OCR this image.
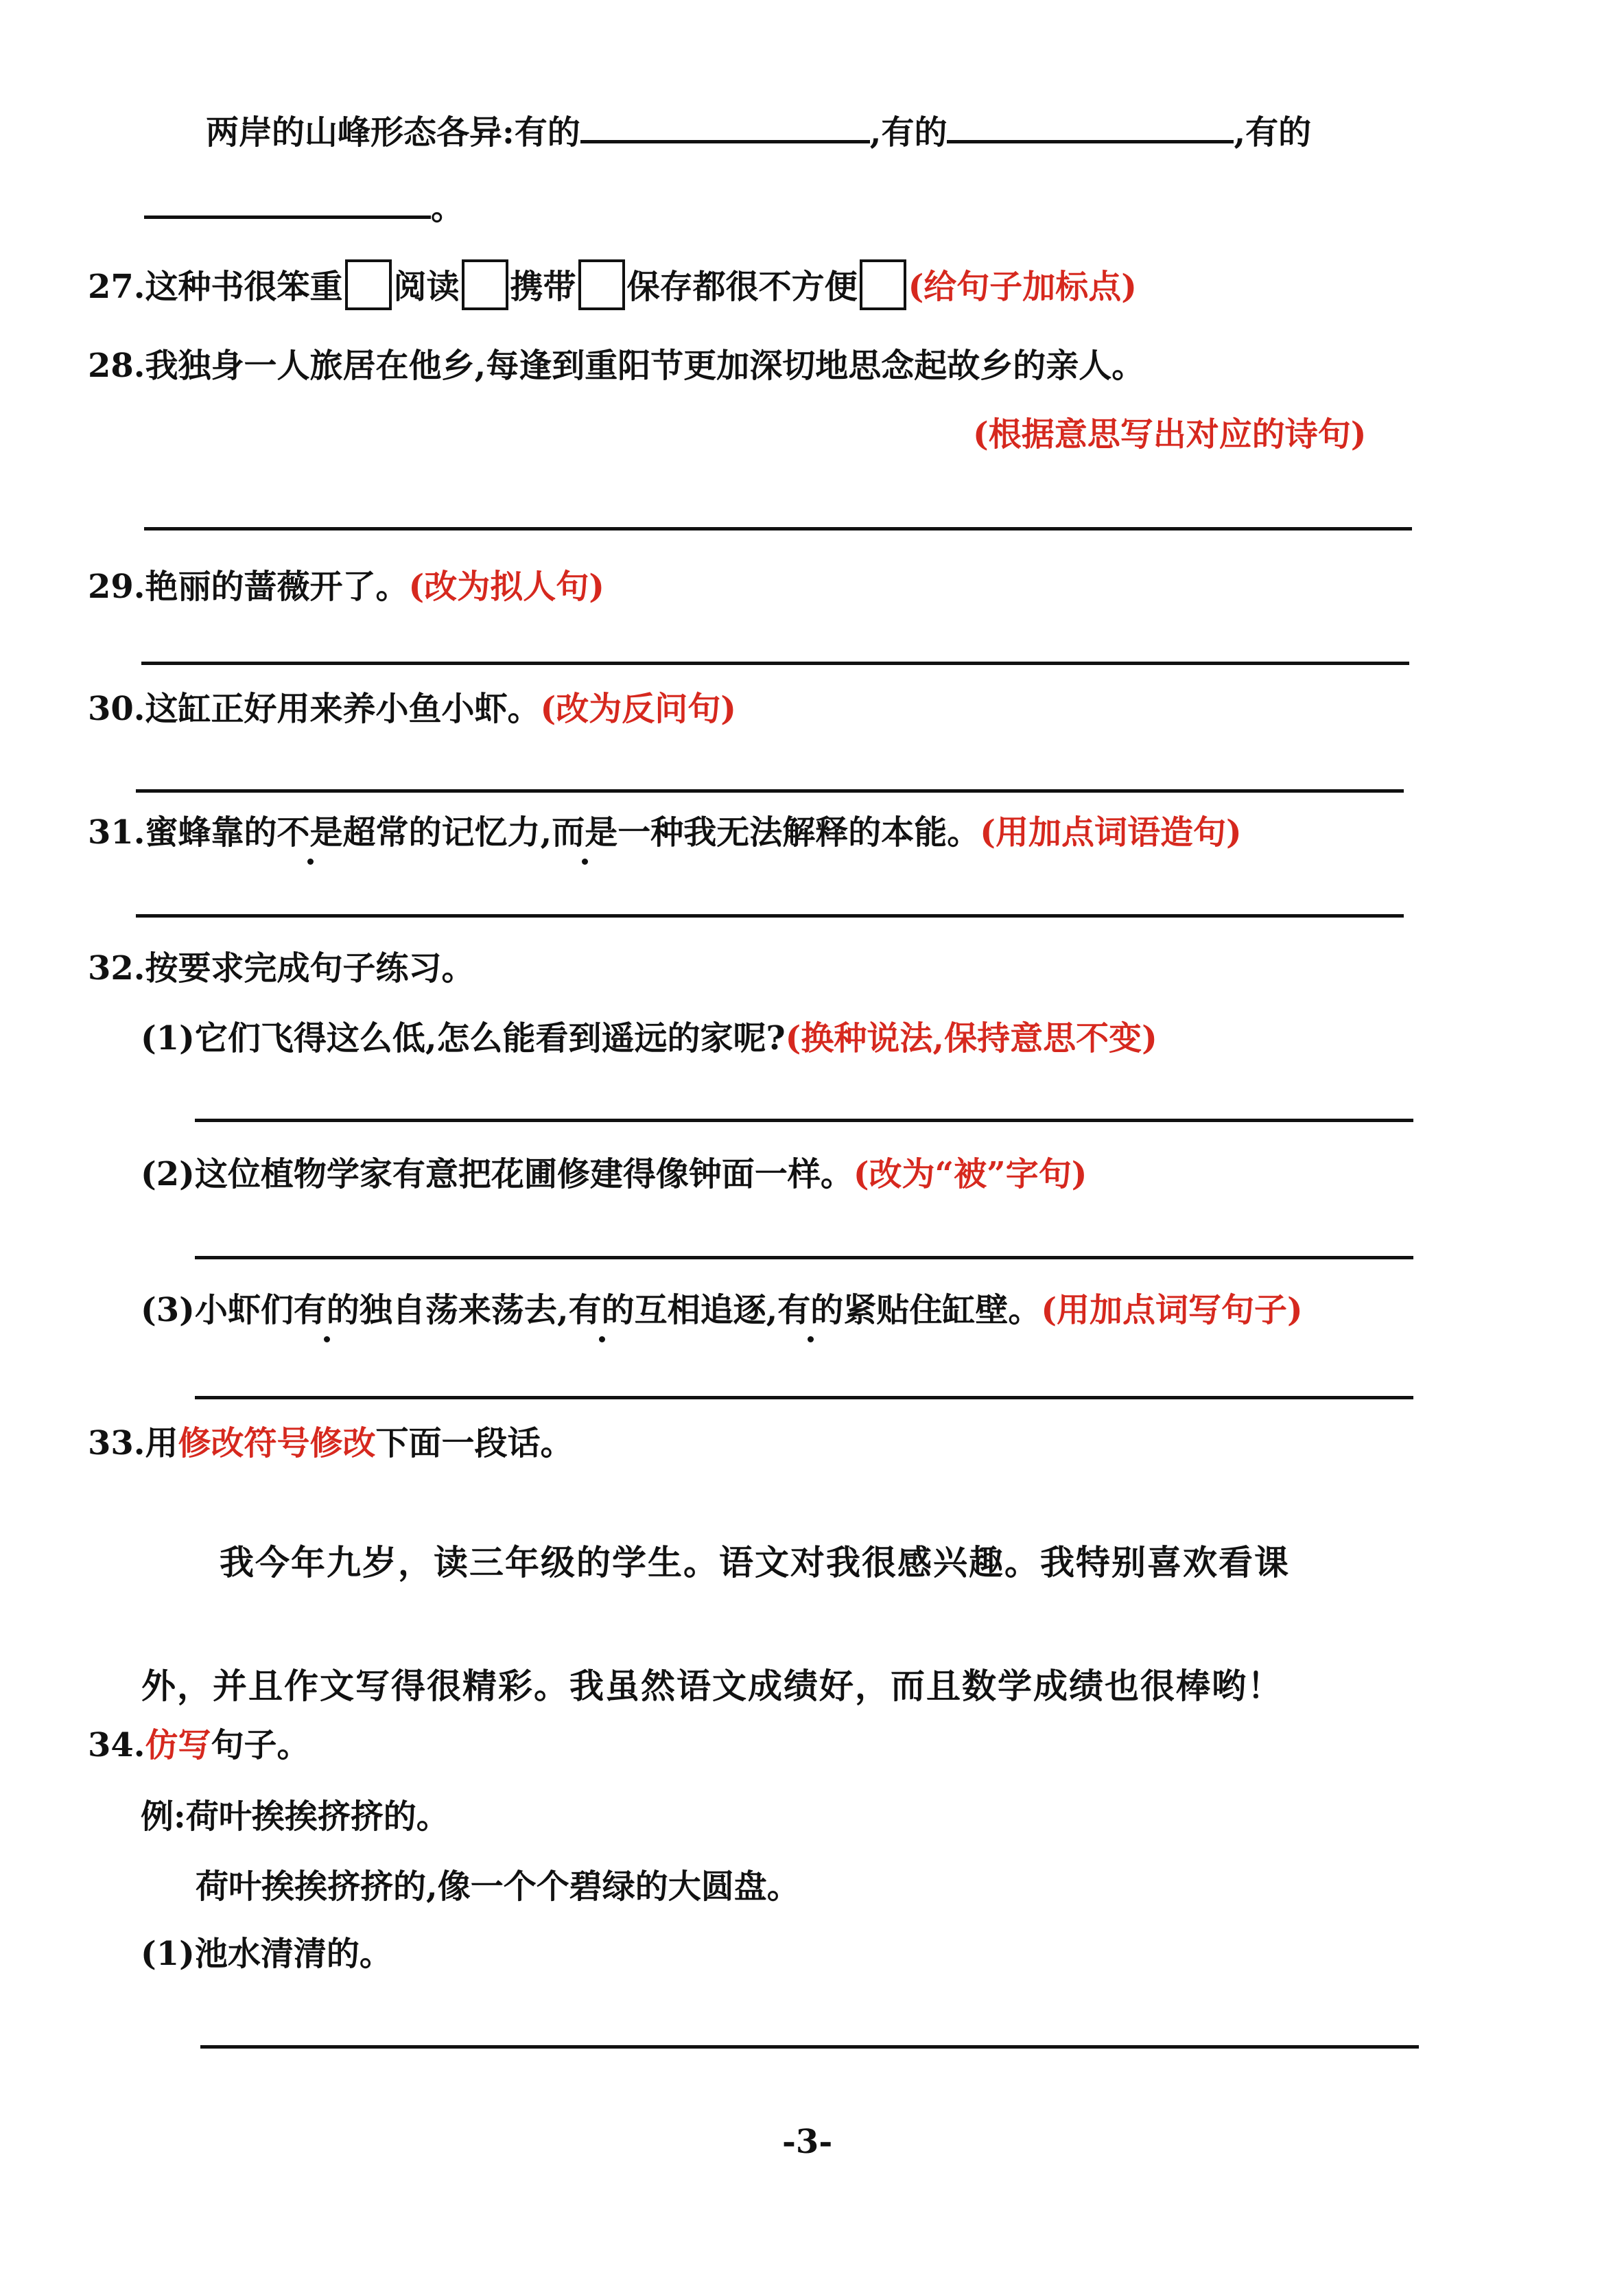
两岸的山峰形态各异:有的	,有的	,有的
。
27.这种书很笨重 阅读 携带 保存都很不方便 (给句子加标点)
28.我独身一人旅居在他乡,每逢到重阳节更加深切地思念起故乡的亲人。
(根据意思写出对应的诗句)
29.艳丽的蔷薇开了。(改为拟人句)
30.这缸正好用来养小鱼小虾。(改为反问句)
31.蜜蜂靠的不是超常的记忆力,而是一种我无法解释的本能。(用加点词语造句)
32.按要求完成句子练习。
(1)它们飞得这么低,怎么能看到遥远的家呢?(换种说法,保持意思不变)
(2)这位植物学家有意把花圃修建得像钟面一样。(改为“被”字句)
(3)小虾们有的独自荡来荡去,有的互相追逐,有的紧贴住缸壁。(用加点词写句子)
33.用修改符号修改下面一段话。
我今年九岁，读三年级的学生。语文对我很感兴趣。我特别喜欢看课
外，并且作文写得很精彩。我虽然语文成绩好，而且数学成绩也很棒哟！
34.仿写句子。
例:荷叶挨挨挤挤的。
荷叶挨挨挤挤的,像一个个碧绿的大圆盘。
(1)池水清清的。
-3-
